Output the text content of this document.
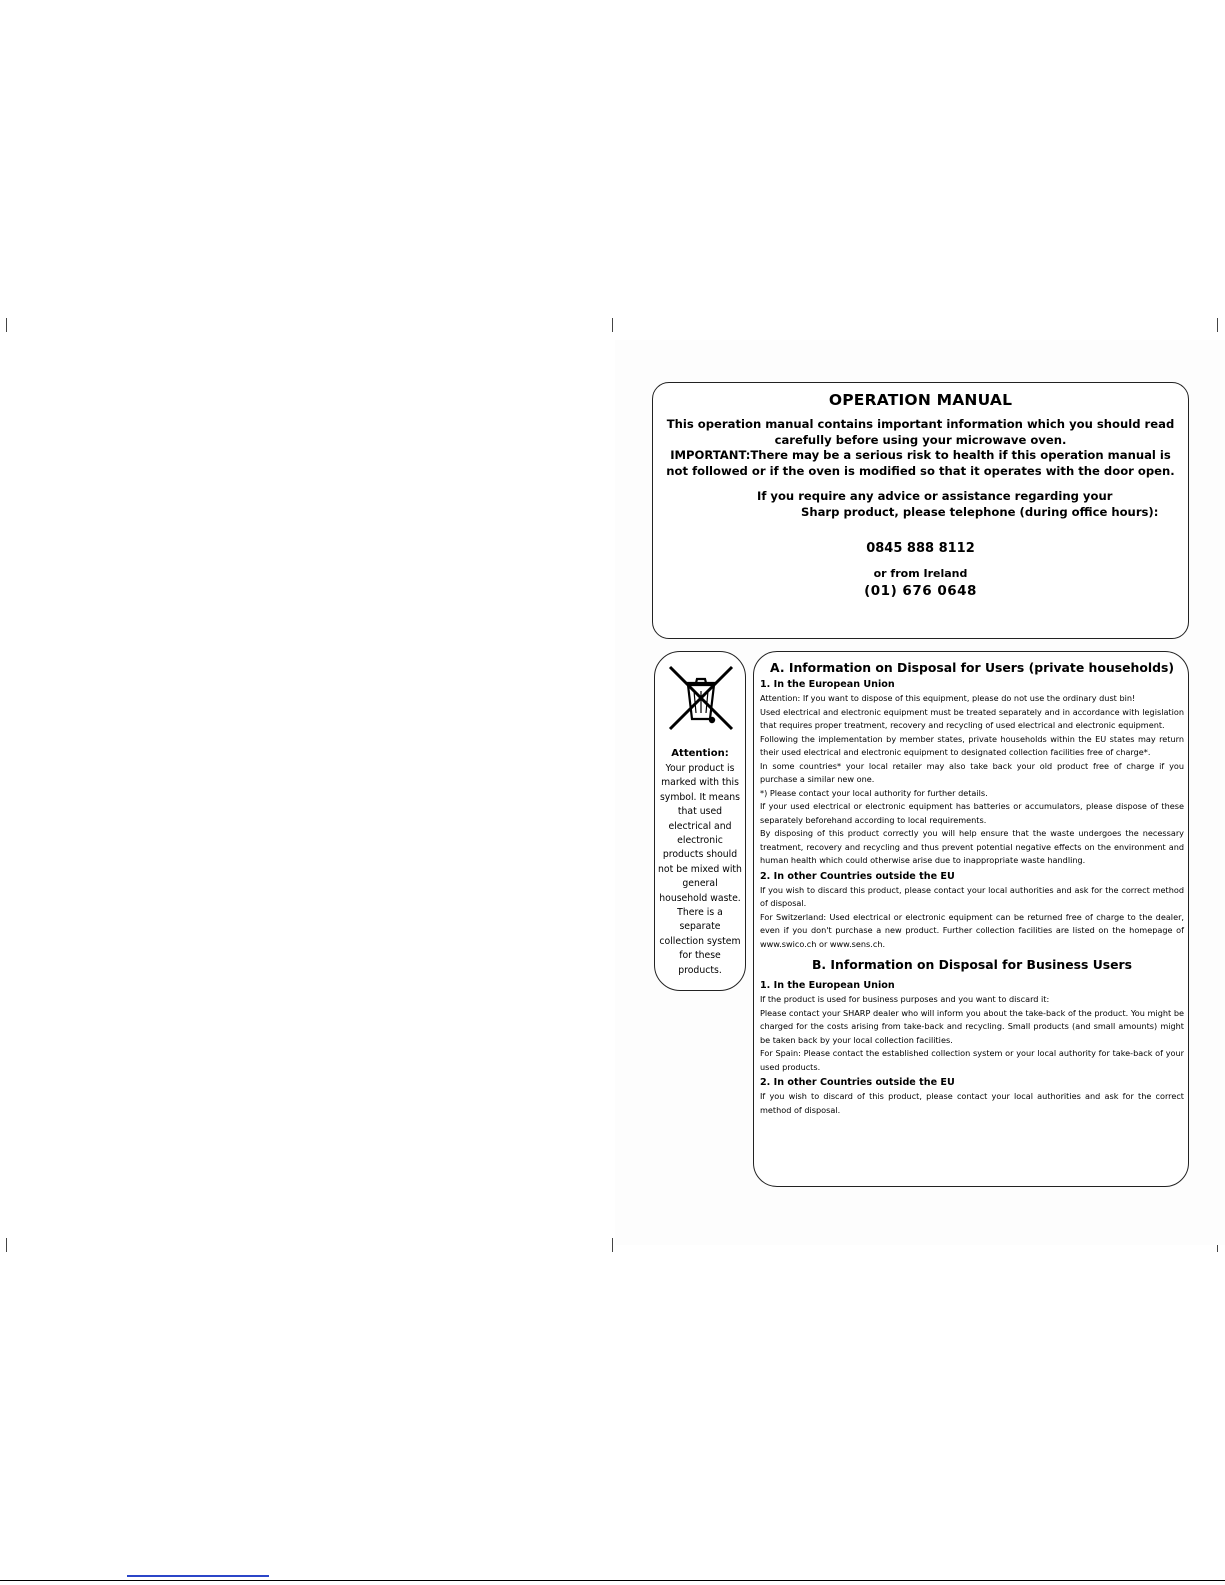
OPERATION MANUAL
This operation manual contains important information which you should read carefully before using your microwave oven.
IMPORTANT:There may be a serious risk to health if this operation manual is not followed or if the oven is modified so that it operates with the door open.
If you require any advice or assistance regarding your
Sharp product, please telephone (during office hours):
0845 888 8112
or from Ireland
(01) 676 0648
Attention:
Your product is marked with this symbol. It means that used electrical and electronic products should not be mixed with general household waste. There is a separate collection system for these products.
A. Information on Disposal for Users (private households)
1. In the European Union

Attention: If you want to dispose of this equipment, please do not use the ordinary dust bin!

Used electrical and electronic equipment must be treated separately and in accordance with legislation that requires proper treatment, recovery and recycling of used electrical and electronic equipment.

Following the implementation by member states, private households within the EU states may return their used electrical and electronic equipment to designated collection facilities free of charge*.

In some countries* your local retailer may also take back your old product free of charge if you purchase a similar new one.

*) Please contact your local authority for further details.

If your used electrical or electronic equipment has batteries or accumulators, please dispose of these separately beforehand according to local requirements.

By disposing of this product correctly you will help ensure that the waste undergoes the necessary treatment, recovery and recycling and thus prevent potential negative effects on the environment and human health which could otherwise arise due to inappropriate waste handling.

2. In other Countries outside the EU

If you wish to discard this product, please contact your local authorities and ask for the correct method of disposal.

For Switzerland: Used electrical or electronic equipment can be returned free of charge to the dealer, even if you don't purchase a new product. Further collection facilities are listed on the homepage of www.swico.ch or www.sens.ch.

B. Information on Disposal for Business Users
1. In the European Union

If the product is used for business purposes and you want to discard it:

Please contact your SHARP dealer who will inform you about the take-back of the product. You might be charged for the costs arising from take-back and recycling. Small products (and small amounts) might be taken back by your local collection facilities.

For Spain: Please contact the established collection system or your local authority for take-back of your used products.

2. In other Countries outside the EU

If you wish to discard of this product, please contact your local authorities and ask for the correct method of disposal.
